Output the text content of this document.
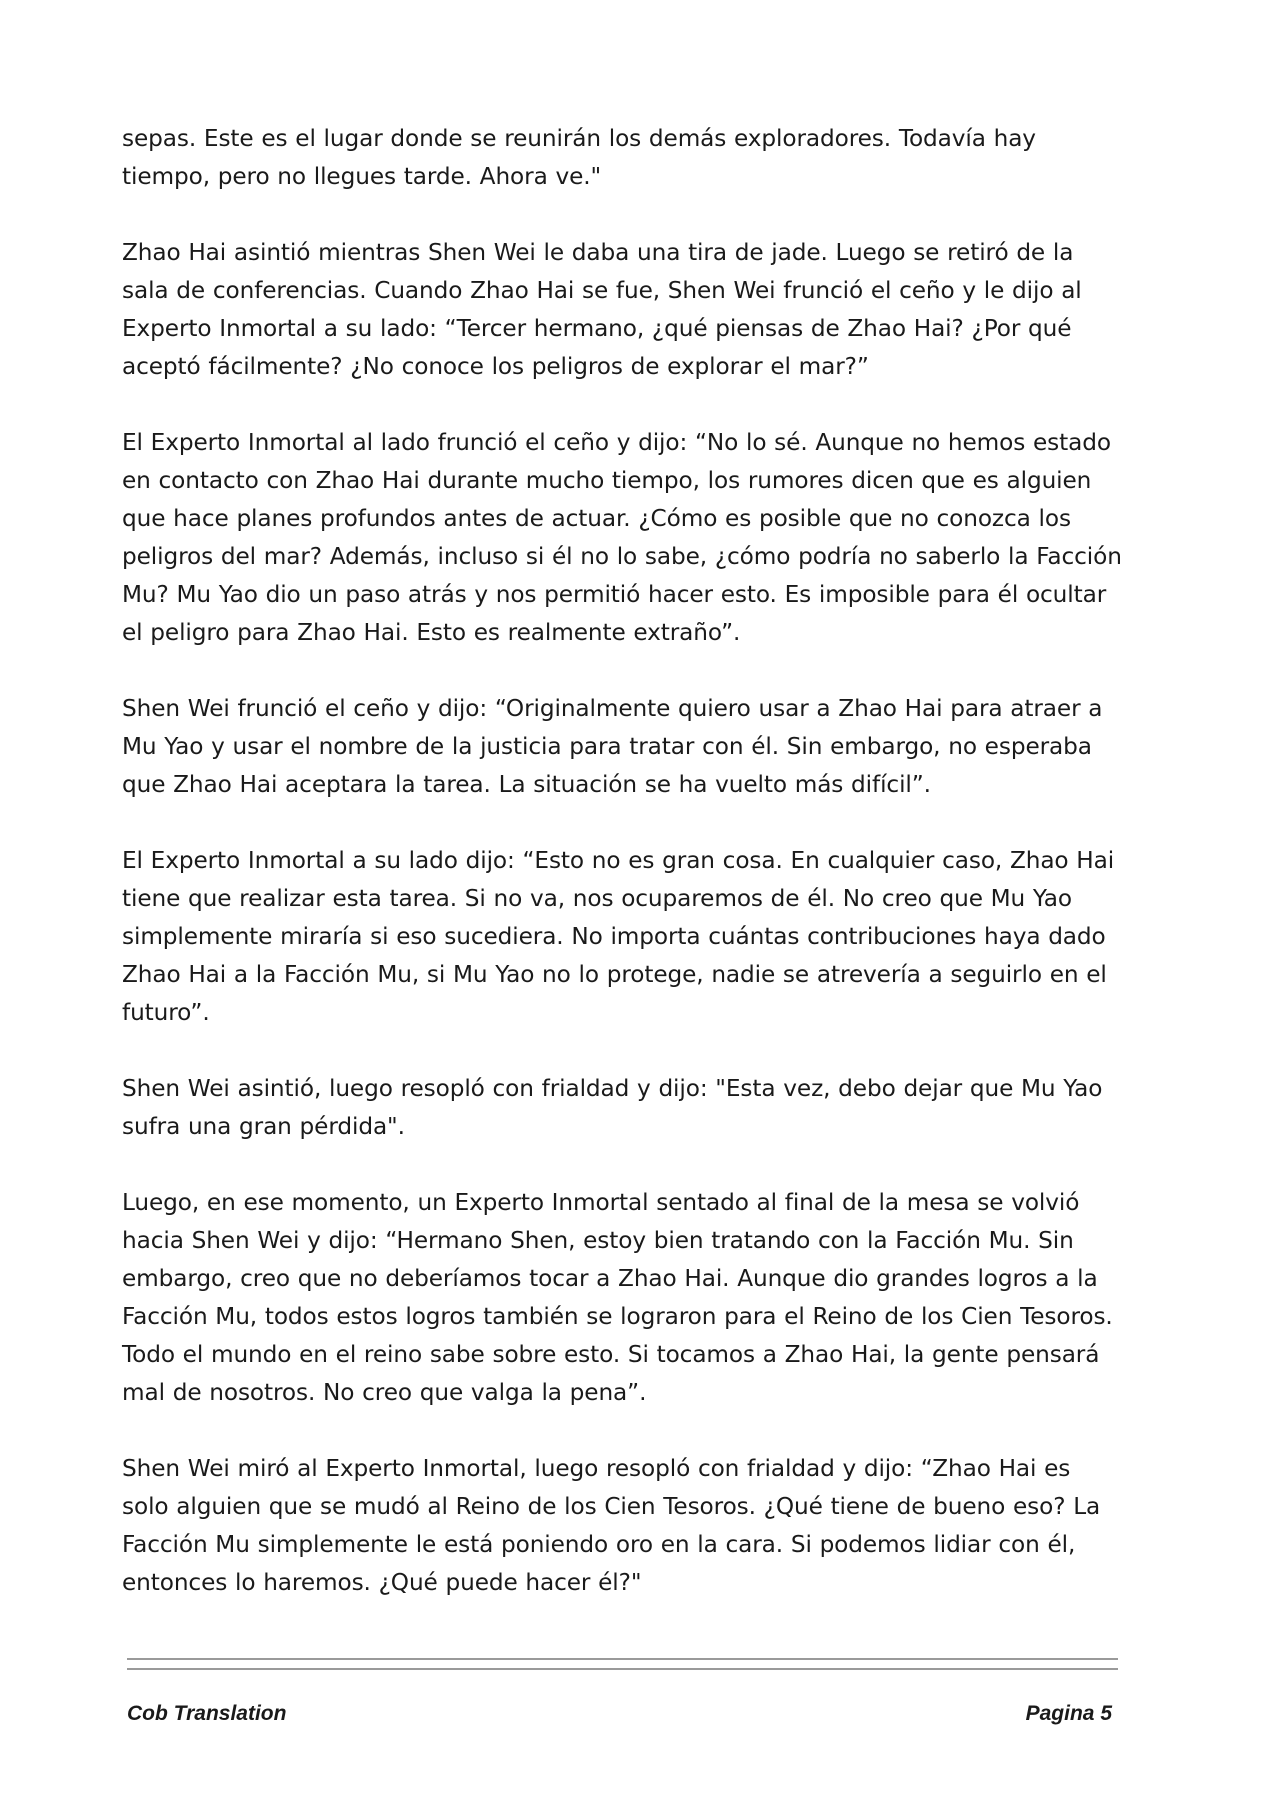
sepas. Este es el lugar donde se reunirán los demás exploradores. Todavía hay tiempo, pero no llegues tarde. Ahora ve."

Zhao Hai asintió mientras Shen Wei le daba una tira de jade. Luego se retiró de la sala de conferencias. Cuando Zhao Hai se fue, Shen Wei frunció el ceño y le dijo al Experto Inmortal a su lado: “Tercer hermano, ¿qué piensas de Zhao Hai? ¿Por qué aceptó fácilmente? ¿No conoce los peligros de explorar el mar?”

El Experto Inmortal al lado frunció el ceño y dijo: “No lo sé. Aunque no hemos estado en contacto con Zhao Hai durante mucho tiempo, los rumores dicen que es alguien que hace planes profundos antes de actuar. ¿Cómo es posible que no conozca los peligros del mar? Además, incluso si él no lo sabe, ¿cómo podría no saberlo la Facción Mu? Mu Yao dio un paso atrás y nos permitió hacer esto. Es imposible para él ocultar el peligro para Zhao Hai. Esto es realmente extraño”.

Shen Wei frunció el ceño y dijo: “Originalmente quiero usar a Zhao Hai para atraer a Mu Yao y usar el nombre de la justicia para tratar con él. Sin embargo, no esperaba que Zhao Hai aceptara la tarea. La situación se ha vuelto más difícil”.

El Experto Inmortal a su lado dijo: “Esto no es gran cosa. En cualquier caso, Zhao Hai tiene que realizar esta tarea. Si no va, nos ocuparemos de él. No creo que Mu Yao simplemente miraría si eso sucediera. No importa cuántas contribuciones haya dado Zhao Hai a la Facción Mu, si Mu Yao no lo protege, nadie se atrevería a seguirlo en el futuro”.

Shen Wei asintió, luego resopló con frialdad y dijo: "Esta vez, debo dejar que Mu Yao sufra una gran pérdida".

Luego, en ese momento, un Experto Inmortal sentado al final de la mesa se volvió hacia Shen Wei y dijo: “Hermano Shen, estoy bien tratando con la Facción Mu. Sin embargo, creo que no deberíamos tocar a Zhao Hai. Aunque dio grandes logros a la Facción Mu, todos estos logros también se lograron para el Reino de los Cien Tesoros. Todo el mundo en el reino sabe sobre esto. Si tocamos a Zhao Hai, la gente pensará mal de nosotros. No creo que valga la pena”.

Shen Wei miró al Experto Inmortal, luego resopló con frialdad y dijo: “Zhao Hai es solo alguien que se mudó al Reino de los Cien Tesoros. ¿Qué tiene de bueno eso? La Facción Mu simplemente le está poniendo oro en la cara. Si podemos lidiar con él, entonces lo haremos. ¿Qué puede hacer él?"

Cob Translation	Pagina 5
